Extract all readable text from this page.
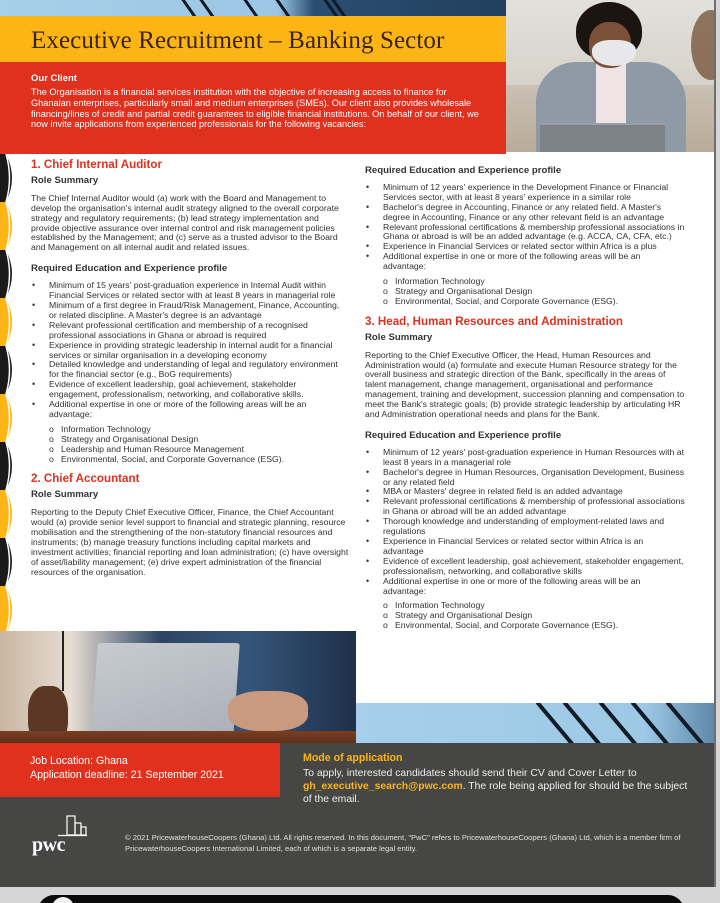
Executive Recruitment – Banking Sector
Our Client

The Organisation is a financial services institution with the objective of increasing access to finance for Ghanaian enterprises, particularly small and medium enterprises (SMEs). Our client also provides wholesale financing/lines of credit and partial credit guarantees to eligible financial institutions. On behalf of our client, we now invite applications from experienced professionals for the following vacancies:

1. Chief Internal Auditor
Role Summary
The Chief Internal Auditor would (a) work with the Board and Management to develop the organisation's internal audit strategy aligned to the overall corporate strategy and regulatory requirements; (b) lead strategy implementation and provide objective assurance over internal control and risk management policies established by the Management; and (c) serve as a trusted advisor to the Board and Management on all internal audit and related issues.
Required Education and Experience profile
• Minimum of 15 years' post-graduation experience in Internal Audit within Financial Services or related sector with at least 8 years in managerial role
• Minimum of a first degree in Fraud/Risk Management, Finance, Accounting, or related discipline. A Master's degree is an advantage
• Relevant professional certification and membership of a recognised professional associations in Ghana or abroad is required
• Experience in providing strategic leadership in internal audit for a financial services or similar organisation in a developing economy
• Detailed knowledge and understanding of legal and regulatory environment for the financial sector (e.g., BoG requirements)
• Evidence of excellent leadership, goal achievement, stakeholder engagement, professionalism, networking, and collaborative skills.
• Additional expertise in one or more of the following areas will be an advantage:
o Information Technology
o Strategy and Organisational Design
o Leadership and Human Resource Management
o Environmental, Social, and Corporate Governance (ESG).
2. Chief Accountant
Role Summary
Reporting to the Deputy Chief Executive Officer, Finance, the Chief Accountant would (a) provide senior level support to financial and strategic planning, resource mobilisation and the strengthening of the non-statutory financial resources and instruments; (b) manage treasury functions including capital markets and investment activities; financial reporting and loan administration; (c) have oversight of asset/liability management; (e) drive expert administration of the financial resources of the organisation.
Required Education and Experience profile
• Minimum of 12 years' experience in the Development Finance or Financial Services sector, with at least 8 years' experience in a similar role
• Bachelor's degree in Accounting, Finance or any related field. A Master's degree in Accounting, Finance or any other relevant field is an advantage
• Relevant professional certifications & membership professional associations in Ghana or abroad is will be an added advantage (e.g. ACCA, CA, CFA, etc.)
• Experience in Financial Services or related sector within Africa is a plus
• Additional expertise in one or more of the following areas will be an advantage:
o Information Technology
o Strategy and Organisational Design
o Environmental, Social, and Corporate Governance (ESG).
3. Head, Human Resources and Administration
Role Summary
Reporting to the Chief Executive Officer, the Head, Human Resources and Administration would (a) formulate and execute Human Resource strategy for the overall business and strategic direction of the Bank, specifically in the areas of talent management, change management, organisational and performance management, training and development, succession planning and compensation to meet the Bank's strategic goals; (b) provide strategic leadership by articulating HR and Administration operational needs and plans for the Bank.
Required Education and Experience profile
• Minimum of 12 years' post-graduation experience in Human Resources with at least 8 years in a managerial role
• Bachelor's degree in Human Resources, Organisation Development, Business or any related field
• MBA or Masters' degree in related field is an added advantage
• Relevant professional certifications & membership of professional associations in Ghana or abroad will be an added advantage
• Thorough knowledge and understanding of employment-related laws and regulations
• Experience in Financial Services or related sector within Africa is an advantage
• Evidence of excellent leadership, goal achievement, stakeholder engagement, professionalism, networking, and collaborative skills
• Additional expertise in one or more of the following areas will be an advantage:
o Information Technology
o Strategy and Organisational Design
o Environmental, Social, and Corporate Governance (ESG).
Job Location: Ghana
Application deadline: 21 September 2021
Mode of application
To apply, interested candidates should send their CV and Cover Letter to gh_executive_search@pwc.com. The role being applied for should be the subject of the email.
pwc	© 2021 PricewaterhouseCoopers (Ghana) Ltd. All rights reserved. In this document, "PwC" refers to PricewaterhouseCoopers (Ghana) Ltd, which is a member firm of PricewaterhouseCoopers International Limited, each of which is a separate legal entity.
